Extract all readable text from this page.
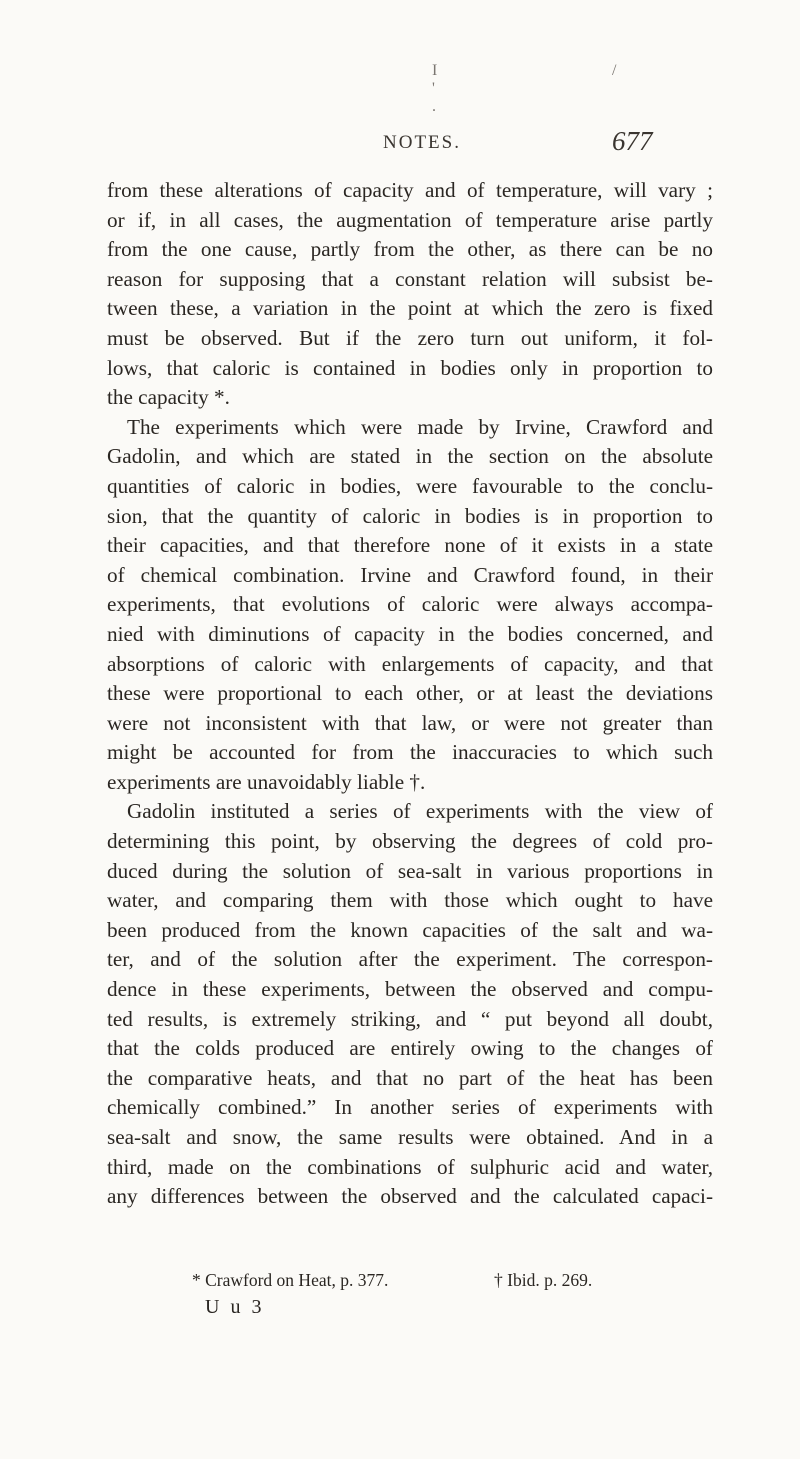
I ' .
/
NOTES.	677
from these alterations of capacity and of temperature, will vary ;
or if, in all cases, the augmentation of temperature arise partly
from the one cause, partly from the other, as there can be no
reason for supposing that a constant relation will subsist be-
tween these, a variation in the point at which the zero is fixed
must be observed. But if the zero turn out uniform, it fol-
lows, that caloric is contained in bodies only in proportion to
the capacity *.
The experiments which were made by Irvine, Crawford and
Gadolin, and which are stated in the section on the absolute
quantities of caloric in bodies, were favourable to the conclu-
sion, that the quantity of caloric in bodies is in proportion to
their capacities, and that therefore none of it exists in a state
of chemical combination. Irvine and Crawford found, in their
experiments, that evolutions of caloric were always accompa-
nied with diminutions of capacity in the bodies concerned, and
absorptions of caloric with enlargements of capacity, and that
these were proportional to each other, or at least the deviations
were not inconsistent with that law, or were not greater than
might be accounted for from the inaccuracies to which such
experiments are unavoidably liable †.
Gadolin instituted a series of experiments with the view of
determining this point, by observing the degrees of cold pro-
duced during the solution of sea-salt in various proportions in
water, and comparing them with those which ought to have
been produced from the known capacities of the salt and wa-
ter, and of the solution after the experiment. The correspon-
dence in these experiments, between the observed and compu-
ted results, is extremely striking, and “ put beyond all doubt,
that the colds produced are entirely owing to the changes of
the comparative heats, and that no part of the heat has been
chemically combined.” In another series of experiments with
sea-salt and snow, the same results were obtained. And in a
third, made on the combinations of sulphuric acid and water,
any differences between the observed and the calculated capaci-
* Crawford on Heat, p. 377.	† Ibid. p. 269.
U u 3
